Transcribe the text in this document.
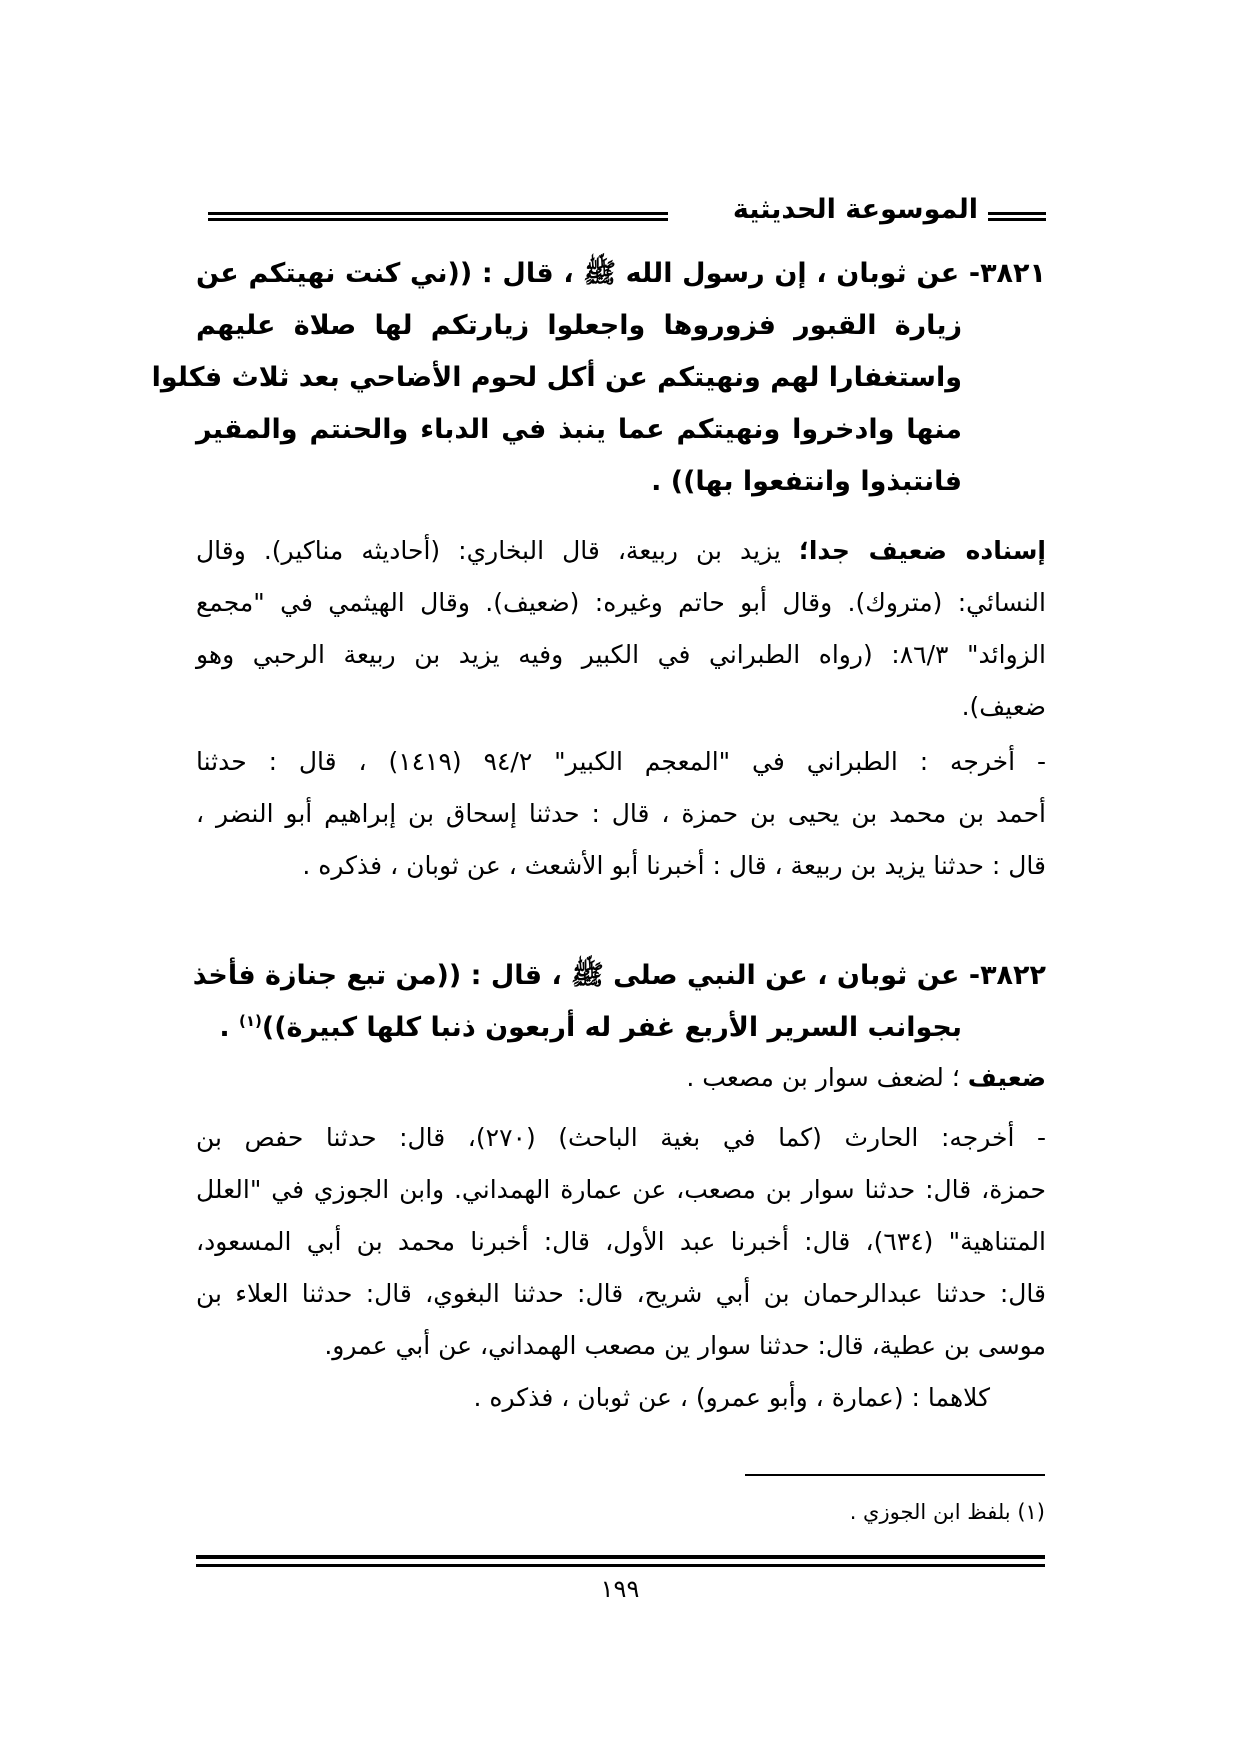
الموسوعة الحديثية
٣٨٢١- عن ثوبان ، إن رسول الله ﷺ ، قال : ((ني كنت نهيتكم عن
زيارة القبور فزوروها واجعلوا زيارتكم لها صلاة عليهم
واستغفارا لهم ونهيتكم عن أكل لحوم الأضاحي بعد ثلاث فكلوا
منها وادخروا ونهيتكم عما ينبذ في الدباء والحنتم والمقير
فانتبذوا وانتفعوا بها)) .
إسناده ضعيف جدا؛ يزيد بن ربيعة، قال البخاري: (أحاديثه مناكير). وقال
النسائي: (متروك). وقال أبو حاتم وغيره: (ضعيف). وقال الهيثمي في "مجمع
الزوائد" ٨٦/٣: (رواه الطبراني في الكبير وفيه يزيد بن ربيعة الرحبي وهو
ضعيف).
- أخرجه : الطبراني في "المعجم الكبير" ٩٤/٢ (١٤١٩) ، قال : حدثنا
أحمد بن محمد بن يحيى بن حمزة ، قال : حدثنا إسحاق بن إبراهيم أبو النضر ،
قال : حدثنا يزيد بن ربيعة ، قال : أخبرنا أبو الأشعث ، عن ثوبان ، فذكره .
٣٨٢٢- عن ثوبان ، عن النبي صلى ﷺ ، قال : ((من تبع جنازة فأخذ
بجوانب السرير الأربع غفر له أربعون ذنبا كلها كبيرة))$^{(١)}$ .
ضعيف ؛ لضعف سوار بن مصعب .
- أخرجه: الحارث (كما في بغية الباحث) (٢٧٠)، قال: حدثنا حفص بن
حمزة، قال: حدثنا سوار بن مصعب، عن عمارة الهمداني. وابن الجوزي في "العلل
المتناهية" (٦٣٤)، قال: أخبرنا عبد الأول، قال: أخبرنا محمد بن أبي المسعود،
قال: حدثنا عبدالرحمان بن أبي شريح، قال: حدثنا البغوي، قال: حدثنا العلاء بن
موسى بن عطية، قال: حدثنا سوار ين مصعب الهمداني، عن أبي عمرو.
كلاهما : (عمارة ، وأبو عمرو) ، عن ثوبان ، فذكره .
(١) بلفظ ابن الجوزي .
١٩٩
